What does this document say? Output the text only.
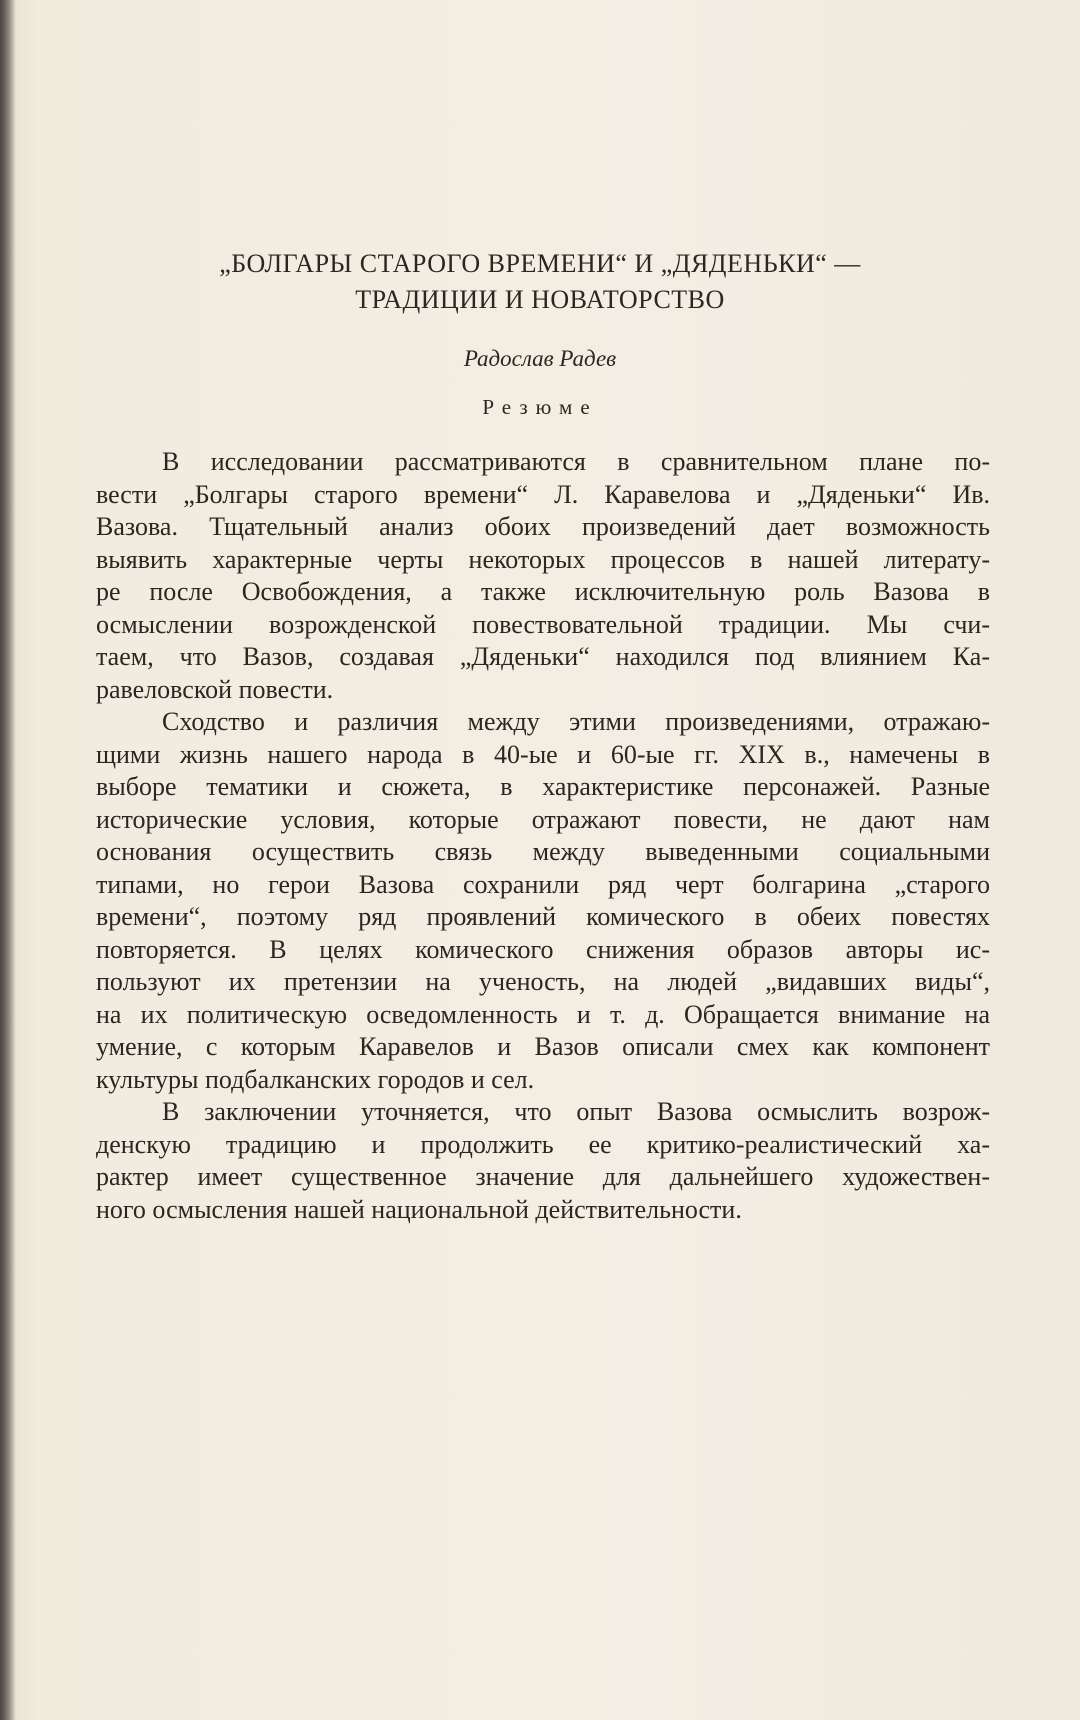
„БОЛГАРЫ СТАРОГО ВРЕМЕНИ“ И „ДЯДЕНЬКИ“ —
ТРАДИЦИИ И НОВАТОРСТВО
Радослав Радев
Резюме

В исследовании рассматриваются в сравнительном плане по-
вести „Болгары старого времени“ Л. Каравелова и „Дяденьки“ Ив.
Вазова. Тщательный анализ обоих произведений дает возможность
выявить характерные черты некоторых процессов в нашей литерату-
ре после Освобождения, а также исключительную роль Вазова в
осмыслении возрожденской повествовательной традиции. Мы счи-
таем, что Вазов, создавая „Дяденьки“ находился под влиянием Ка-
равеловской повести.

Сходство и различия между этими произведениями, отражаю-
щими жизнь нашего народа в 40-ые и 60-ые гг. XIX в., намечены в
выборе тематики и сюжета, в характеристике персонажей. Разные
исторические условия, которые отражают повести, не дают нам
основания осуществить связь между выведенными социальными
типами, но герои Вазова сохранили ряд черт болгарина „старого
времени“, поэтому ряд проявлений комического в обеих повестях
повторяется. В целях комического снижения образов авторы ис-
пользуют их претензии на ученость, на людей „видавших виды“,
на их политическую осведомленность и т. д. Обращается внимание на
умение, с которым Каравелов и Вазов описали смех как компонент
культуры подбалканских городов и сел.

В заключении уточняется, что опыт Вазова осмыслить возрож-
денскую традицию и продолжить ее критико-реалистический ха-
рактер имеет существенное значение для дальнейшего художествен-
ного осмысления нашей национальной действительности.
